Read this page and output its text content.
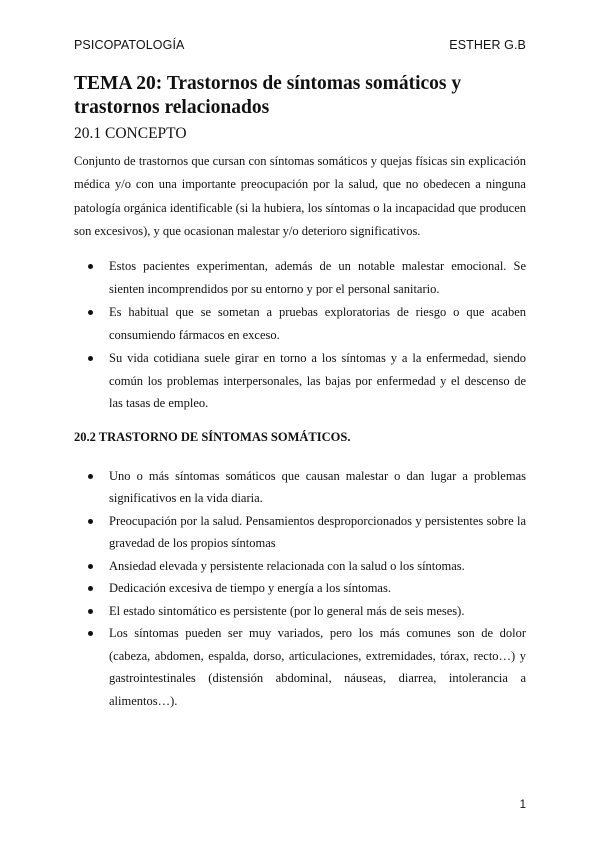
PSICOPATOLOGÍA	ESTHER G.B
TEMA 20: Trastornos de síntomas somáticos y trastornos relacionados
20.1 CONCEPTO

Conjunto de trastornos que cursan con síntomas somáticos y quejas físicas sin explicación médica y/o con una importante preocupación por la salud, que no obedecen a ninguna patología orgánica identificable (si la hubiera, los síntomas o la incapacidad que producen son excesivos), y que ocasionan malestar y/o deterioro significativos.

Estos pacientes experimentan, además de un notable malestar emocional. Se sienten incomprendidos por su entorno y por el personal sanitario.
Es habitual que se sometan a pruebas exploratorias de riesgo o que acaben consumiendo fármacos en exceso.
Su vida cotidiana suele girar en torno a los síntomas y a la enfermedad, siendo común los problemas interpersonales, las bajas por enfermedad y el descenso de las tasas de empleo.
20.2 TRASTORNO DE SÍNTOMAS SOMÁTICOS.
Uno o más síntomas somáticos que causan malestar o dan lugar a problemas significativos en la vida diaria.
Preocupación por la salud. Pensamientos desproporcionados y persistentes sobre la gravedad de los propios síntomas
Ansiedad elevada y persistente relacionada con la salud o los síntomas.
Dedicación excesiva de tiempo y energía a los síntomas.
El estado sintomático es persistente (por lo general más de seis meses).
Los síntomas pueden ser muy variados, pero los más comunes son de dolor (cabeza, abdomen, espalda, dorso, articulaciones, extremidades, tórax, recto…) y gastrointestinales (distensión abdominal, náuseas, diarrea, intolerancia a alimentos…).
1
